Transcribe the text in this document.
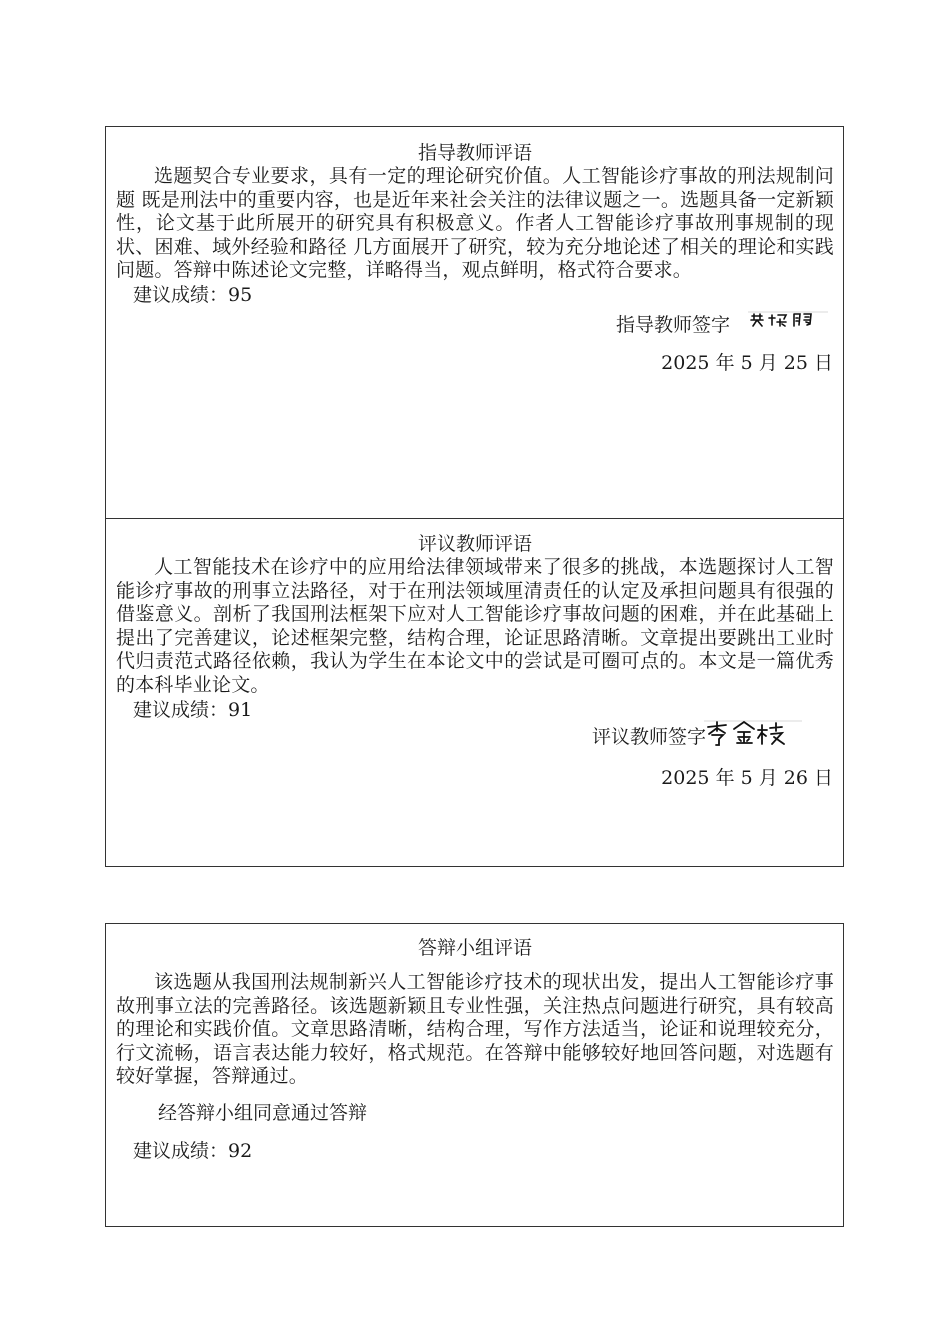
指导教师评语

选题契合专业要求，具有一定的理论研究价值。人工智能诊疗事故的刑法规制问题 既是刑法中的重要内容，也是近年来社会关注的法律议题之一。选题具备一定新颖性，论文基于此所展开的研究具有积极意义。作者人工智能诊疗事故刑事规制的现状、困难、域外经验和路径 几方面展开了研究，较为充分地论述了相关的理论和实践问题。答辩中陈述论文完整，详略得当，观点鲜明，格式符合要求。

建议成绩：95

指导教师签字

2025 年 5 月 25 日

评议教师评语

人工智能技术在诊疗中的应用给法律领域带来了很多的挑战，本选题探讨人工智能诊疗事故的刑事立法路径，对于在刑法领域厘清责任的认定及承担问题具有很强的借鉴意义。剖析了我国刑法框架下应对人工智能诊疗事故问题的困难，并在此基础上提出了完善建议，论述框架完整，结构合理，论证思路清晰。文章提出要跳出工业时代归责范式路径依赖，我认为学生在本论文中的尝试是可圈可点的。本文是一篇优秀的本科毕业论文。

建议成绩：91

评议教师签字

2025 年 5 月 26 日

答辩小组评语

该选题从我国刑法规制新兴人工智能诊疗技术的现状出发，提出人工智能诊疗事故刑事立法的完善路径。该选题新颖且专业性强，关注热点问题进行研究，具有较高的理论和实践价值。文章思路清晰，结构合理，写作方法适当，论证和说理较充分，行文流畅，语言表达能力较好，格式规范。在答辩中能够较好地回答问题，对选题有较好掌握，答辩通过。

经答辩小组同意通过答辩

建议成绩：92
